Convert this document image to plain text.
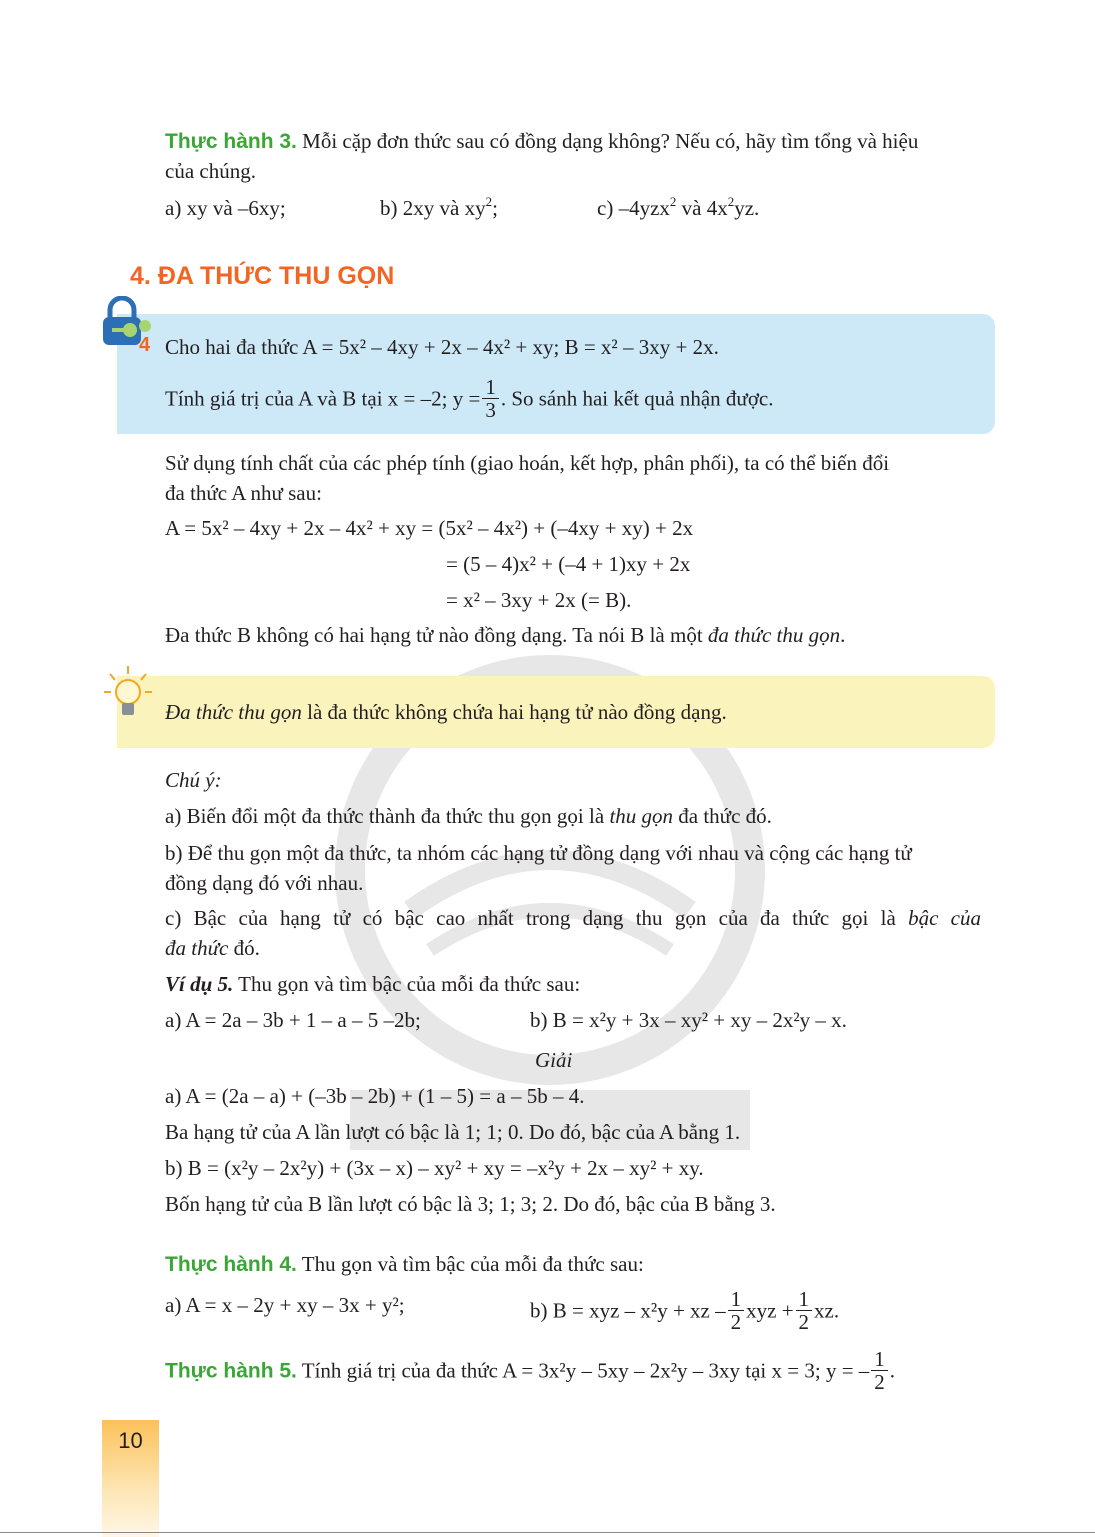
Thực hành 3. Mỗi cặp đơn thức sau có đồng dạng không? Nếu có, hãy tìm tổng và hiệu
của chúng.
a) xy và –6xy;	b) 2xy và $xy^2$;	c) –4yzx$^2$ và $4x^2yz$.
4. ĐA THỨC THU GỌN
4 Cho hai đa thức A = 5x² – 4xy + 2x – 4x² + xy; B = x² – 3xy + 2x.
Tính giá trị của A và B tại x = –2; $y = \frac{1}{3}$ . So sánh hai kết quả nhận được.
Sử dụng tính chất của các phép tính (giao hoán, kết hợp, phân phối), ta có thể biến đổi
đa thức A như sau:
A = 5x² – 4xy + 2x – 4x² + xy = (5x² – 4x²) + (–4xy + xy) + 2x
= (5 – 4)x² + (–4 + 1)xy + 2x
= x² – 3xy + 2x (= B).
Đa thức B không có hai hạng tử nào đồng dạng. Ta nói B là một đa thức thu gọn.
Đa thức thu gọn là đa thức không chứa hai hạng tử nào đồng dạng.
Chú ý:
a) Biến đổi một đa thức thành đa thức thu gọn gọi là thu gọn đa thức đó.
b) Để thu gọn một đa thức, ta nhóm các hạng tử đồng dạng với nhau và cộng các hạng tử
đồng dạng đó với nhau.
c) Bậc của hạng tử có bậc cao nhất trong dạng thu gọn của đa thức gọi là bậc của
đa thức đó.
Ví dụ 5. Thu gọn và tìm bậc của mỗi đa thức sau:
a) A = 2a – 3b + 1 – a – 5 –2b;	b) B = x²y + 3x – xy² + xy – 2x²y – x.
Giải
a) A = (2a – a) + (–3b – 2b) + (1 – 5) = a – 5b – 4.
Ba hạng tử của A lần lượt có bậc là 1; 1; 0. Do đó, bậc của A bằng 1.
b) B = (x²y – 2x²y) + (3x – x) – xy² + xy = –x²y + 2x – xy² + xy.
Bốn hạng tử của B lần lượt có bậc là 3; 1; 3; 2. Do đó, bậc của B bằng 3.
Thực hành 4. Thu gọn và tìm bậc của mỗi đa thức sau:
a) A = x – 2y + xy – 3x + y²;	b) B = xyz – x²y + xz – $\frac{1}{2}$ xyz + $\frac{1}{2}$ xz.
Thực hành 5. Tính giá trị của đa thức A = 3x²y – 5xy – 2x²y – 3xy tại x = 3; y = – $\frac{1}{2}$ .
10
